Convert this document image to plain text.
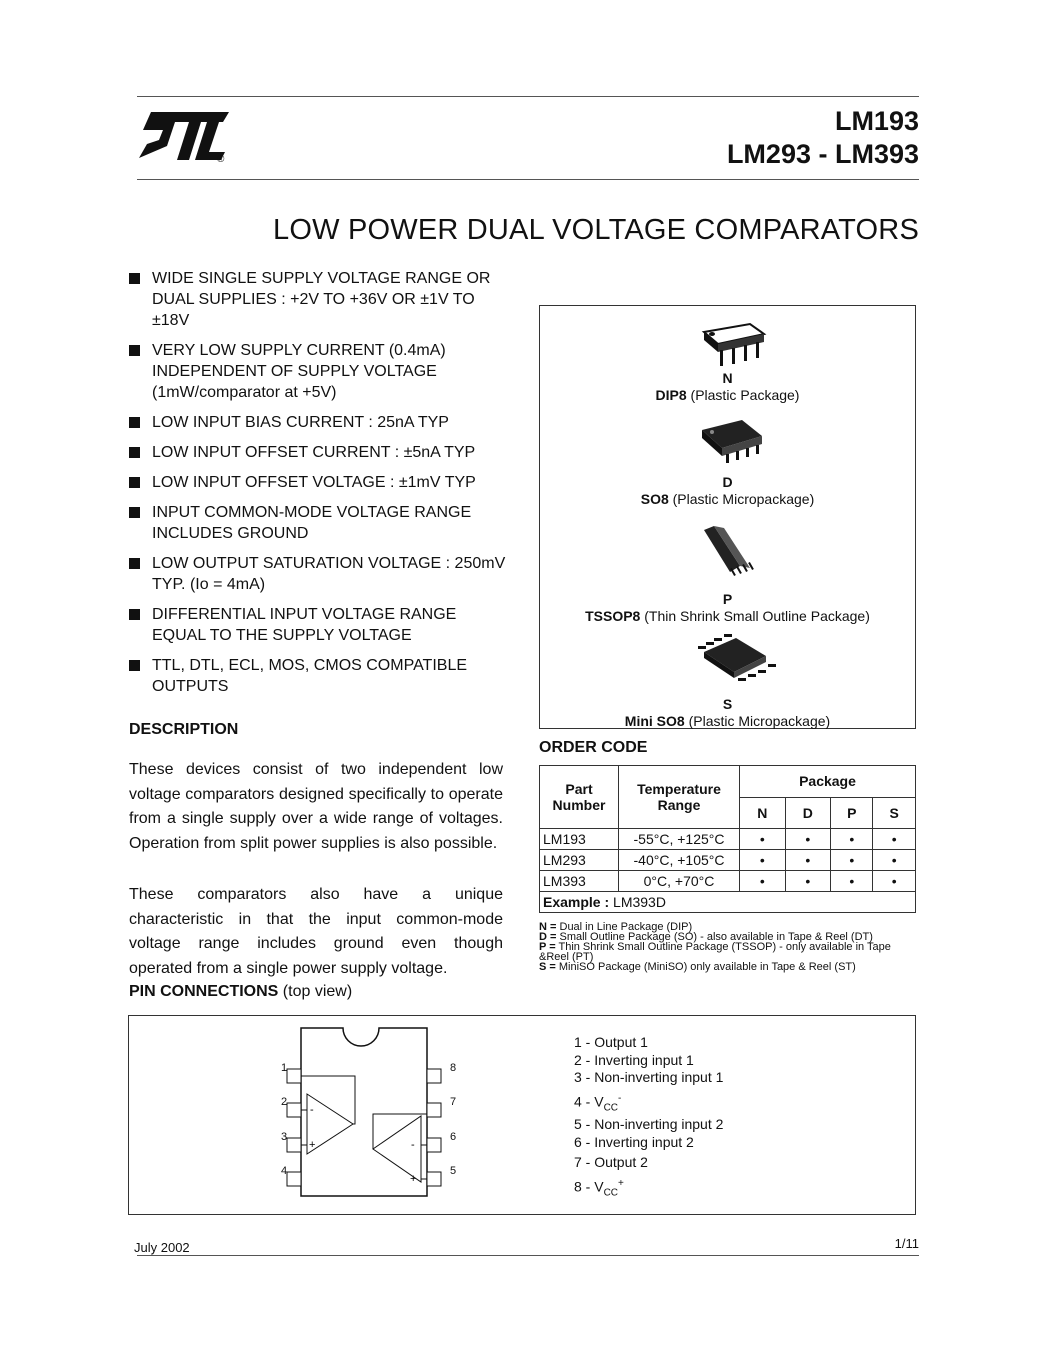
®
LM193
LM293 - LM393
LOW POWER DUAL VOLTAGE COMPARATORS
WIDE SINGLE SUPPLY VOLTAGE RANGE OR DUAL SUPPLIES : +2V TO +36V OR ±1V TO ±18V
VERY LOW SUPPLY CURRENT (0.4mA) INDEPENDENT OF SUPPLY VOLTAGE (1mW/comparator at +5V)
LOW INPUT BIAS CURRENT : 25nA TYP
LOW INPUT OFFSET CURRENT : ±5nA TYP
LOW INPUT OFFSET VOLTAGE : ±1mV TYP
INPUT COMMON-MODE VOLTAGE RANGE INCLUDES GROUND
LOW OUTPUT SATURATION VOLTAGE : 250mV TYP. (Io = 4mA)
DIFFERENTIAL INPUT VOLTAGE RANGE EQUAL TO THE SUPPLY VOLTAGE
TTL, DTL, ECL, MOS, CMOS COMPATIBLE OUTPUTS
DESCRIPTION
These devices consist of two independent low voltage comparators designed specifically to operate from a single supply over a wide range of voltages. Operation from split power supplies is also possible.
These comparators also have a unique characteristic in that the input common-mode voltage range includes ground even though operated from a single power supply voltage.
PIN CONNECTIONS (top view)
N
DIP8 (Plastic Package)
D
SO8 (Plastic Micropackage)
P
TSSOP8 (Thin Shrink Small Outline Package)
S
Mini SO8 (Plastic Micropackage)
ORDER CODE
Part Number	Temperature Range	Package			
		N	D	P	S
LM193	-55°C, +125°C	•	•	•	•
LM293	-40°C, +105°C	•	•	•	•
LM393	0°C, +70°C	•	•	•	•
Example : LM393D					
N = Dual in Line Package (DIP)
D = Small Outline Package (SO) - also available in Tape & Reel (DT)
P = Thin Shrink Small Outline Package (TSSOP) - only available in Tape &Reel (PT)
S = MiniSO Package (MiniSO) only available in Tape & Reel (ST)
-
+	-
+
1
2
3
4
8
7
6
5
1 - Output 1
2 - Inverting input 1
3 - Non-inverting input 1
$4 - V_{CC}^-$
5 - Non-inverting input 2
6 - Inverting input 2
7 - Output 2
$8 - V_{CC}^+$
July 2002	1/11
